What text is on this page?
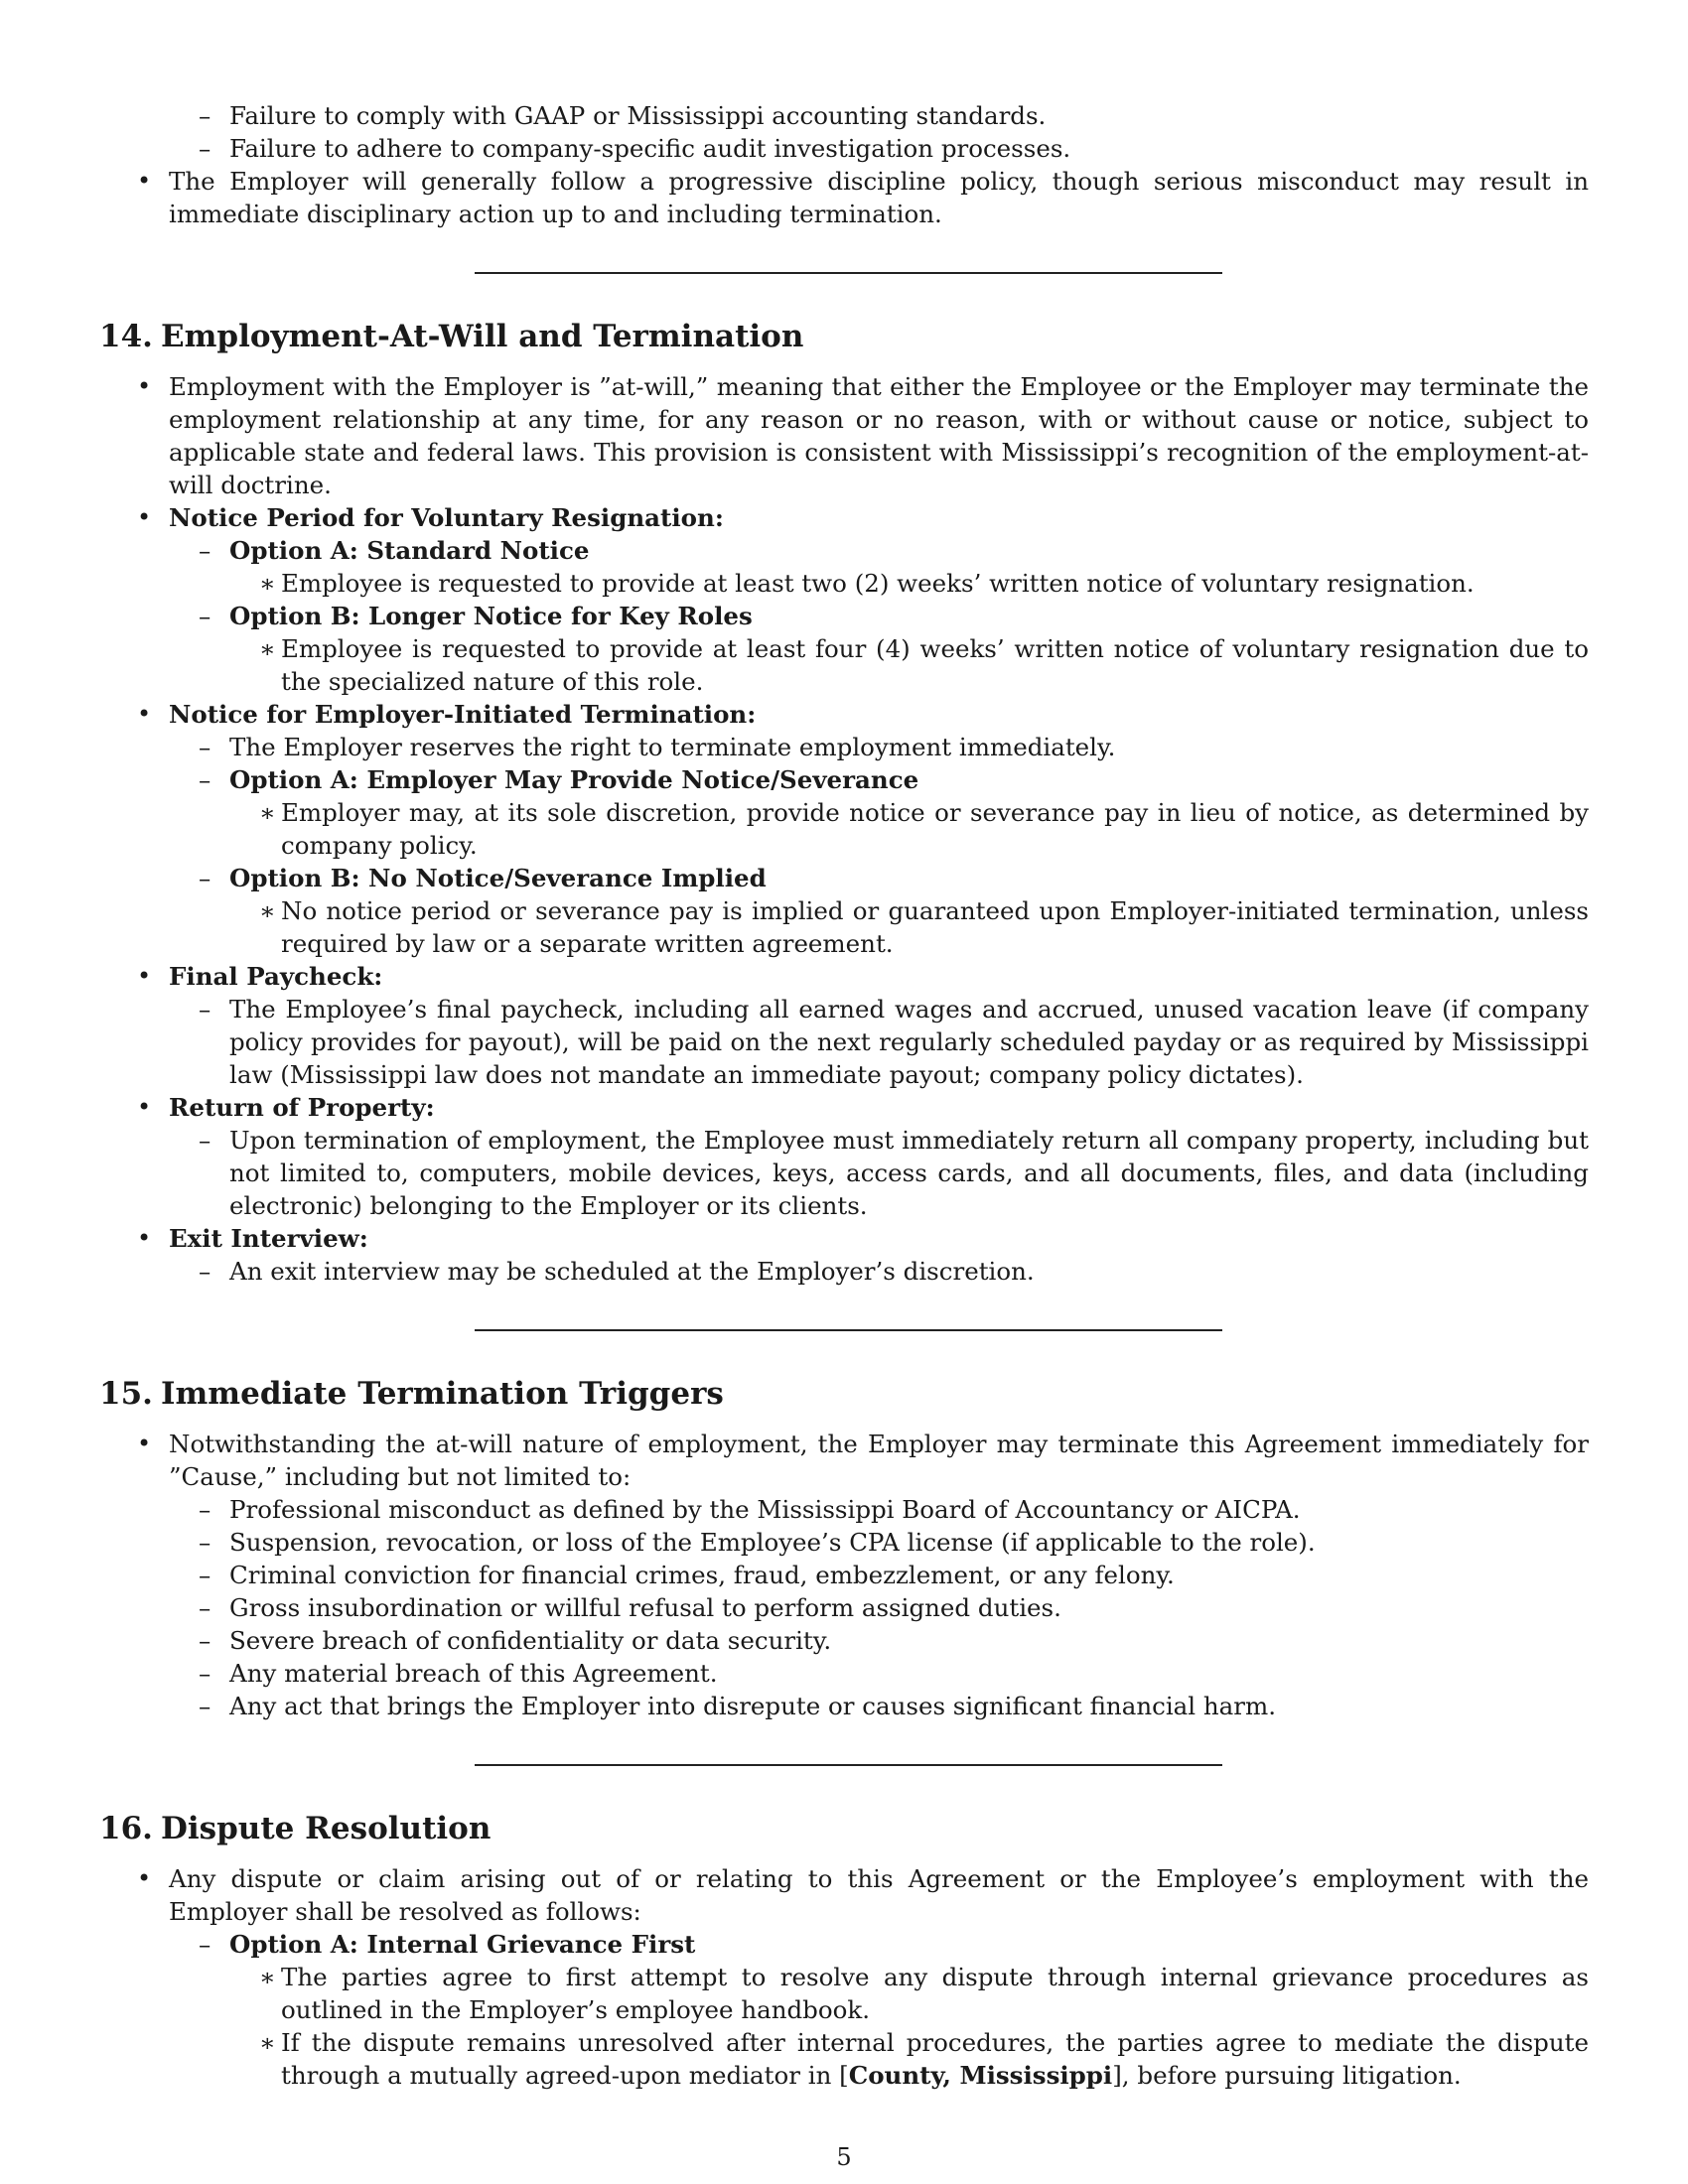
– Failure to comply with GAAP or Mississippi accounting standards.
– Failure to adhere to company-specific audit investigation processes.
• The Employer will generally follow a progressive discipline policy, though serious misconduct may result in immediate disciplinary action up to and including termination.
14. Employment-At-Will and Termination
• Employment with the Employer is ”at-will,” meaning that either the Employee or the Employer may terminate the employment relationship at any time, for any reason or no reason, with or without cause or notice, subject to applicable state and federal laws. This provision is consistent with Mississippi’s recognition of the employment-at-will doctrine.
• Notice Period for Voluntary Resignation:
– Option A: Standard Notice
∗ Employee is requested to provide at least two (2) weeks’ written notice of voluntary resignation.
– Option B: Longer Notice for Key Roles
∗ Employee is requested to provide at least four (4) weeks’ written notice of voluntary resignation due to the specialized nature of this role.
• Notice for Employer-Initiated Termination:
– The Employer reserves the right to terminate employment immediately.
– Option A: Employer May Provide Notice/Severance
∗ Employer may, at its sole discretion, provide notice or severance pay in lieu of notice, as determined by company policy.
– Option B: No Notice/Severance Implied
∗ No notice period or severance pay is implied or guaranteed upon Employer-initiated termination, unless required by law or a separate written agreement.
• Final Paycheck:
– The Employee’s final paycheck, including all earned wages and accrued, unused vacation leave (if company policy provides for payout), will be paid on the next regularly scheduled payday or as required by Mississippi law (Mississippi law does not mandate an immediate payout; company policy dictates).
• Return of Property:
– Upon termination of employment, the Employee must immediately return all company property, including but not limited to, computers, mobile devices, keys, access cards, and all documents, files, and data (including electronic) belonging to the Employer or its clients.
• Exit Interview:
– An exit interview may be scheduled at the Employer’s discretion.
15. Immediate Termination Triggers
• Notwithstanding the at-will nature of employment, the Employer may terminate this Agreement immediately for ”Cause,” including but not limited to:
– Professional misconduct as defined by the Mississippi Board of Accountancy or AICPA.
– Suspension, revocation, or loss of the Employee’s CPA license (if applicable to the role).
– Criminal conviction for financial crimes, fraud, embezzlement, or any felony.
– Gross insubordination or willful refusal to perform assigned duties.
– Severe breach of confidentiality or data security.
– Any material breach of this Agreement.
– Any act that brings the Employer into disrepute or causes significant financial harm.
16. Dispute Resolution
• Any dispute or claim arising out of or relating to this Agreement or the Employee’s employment with the Employer shall be resolved as follows:
– Option A: Internal Grievance First
∗ The parties agree to first attempt to resolve any dispute through internal grievance procedures as outlined in the Employer’s employee handbook.
∗ If the dispute remains unresolved after internal procedures, the parties agree to mediate the dispute through a mutually agreed-upon mediator in [County, Mississippi], before pursuing litigation.
5
